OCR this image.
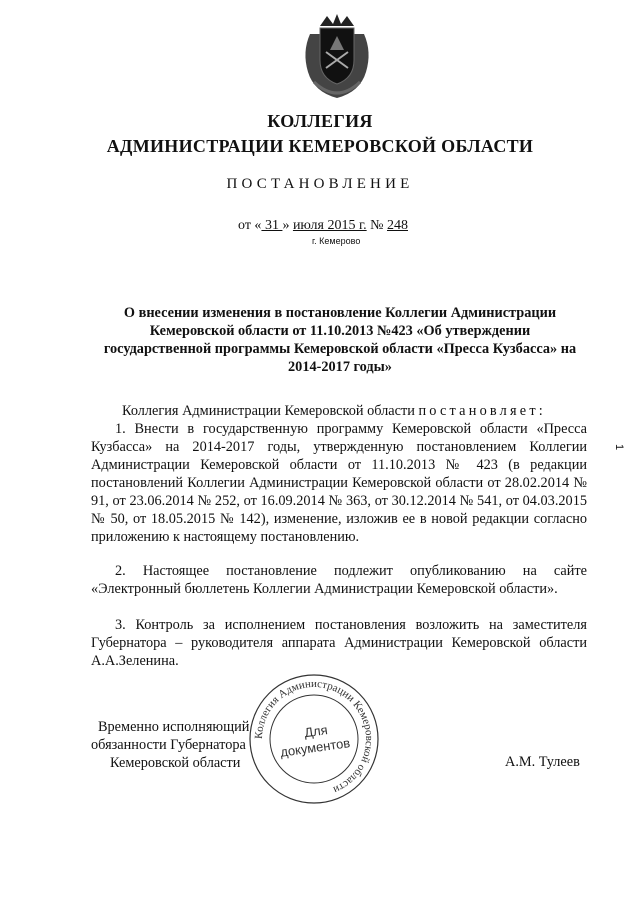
КОЛЛЕГИЯ
АДМИНИСТРАЦИИ КЕМЕРОВСКОЙ ОБЛАСТИ
ПОСТАНОВЛЕНИЕ
от « 31 » июля 2015 г. № 248
г. Кемерово
О внесении изменения в постановление Коллегии Администрации Кемеровской области от 11.10.2013 №423 «Об утверждении государственной программы Кемеровской области «Пресса Кузбасса» на 2014-2017 годы»
Коллегия Администрации Кемеровской области постановляет:
1. Внести в государственную программу Кемеровской области «Пресса Кузбасса» на 2014-2017 годы, утвержденную постановлением Коллегии Администрации Кемеровской области от 11.10.2013 № 423 (в редакции постановлений Коллегии Администрации Кемеровской области от 28.02.2014 № 91, от 23.06.2014 № 252, от 16.09.2014 № 363, от 30.12.2014 № 541, от 04.03.2015 № 50, от 18.05.2015 № 142), изменение, изложив ее в новой редакции согласно приложению к настоящему постановлению.
2. Настоящее постановление подлежит опубликованию на сайте «Электронный бюллетень Коллегии Администрации Кемеровской области».
3. Контроль за исполнением постановления возложить на заместителя Губернатора – руководителя аппарата Администрации Кемеровской области А.А.Зеленина.
Временно исполняющий
обязанности Губернатора
Кемеровской области	А.М. Тулеев
Коллегия Администрации Кемеровской области
Для
документов
1
